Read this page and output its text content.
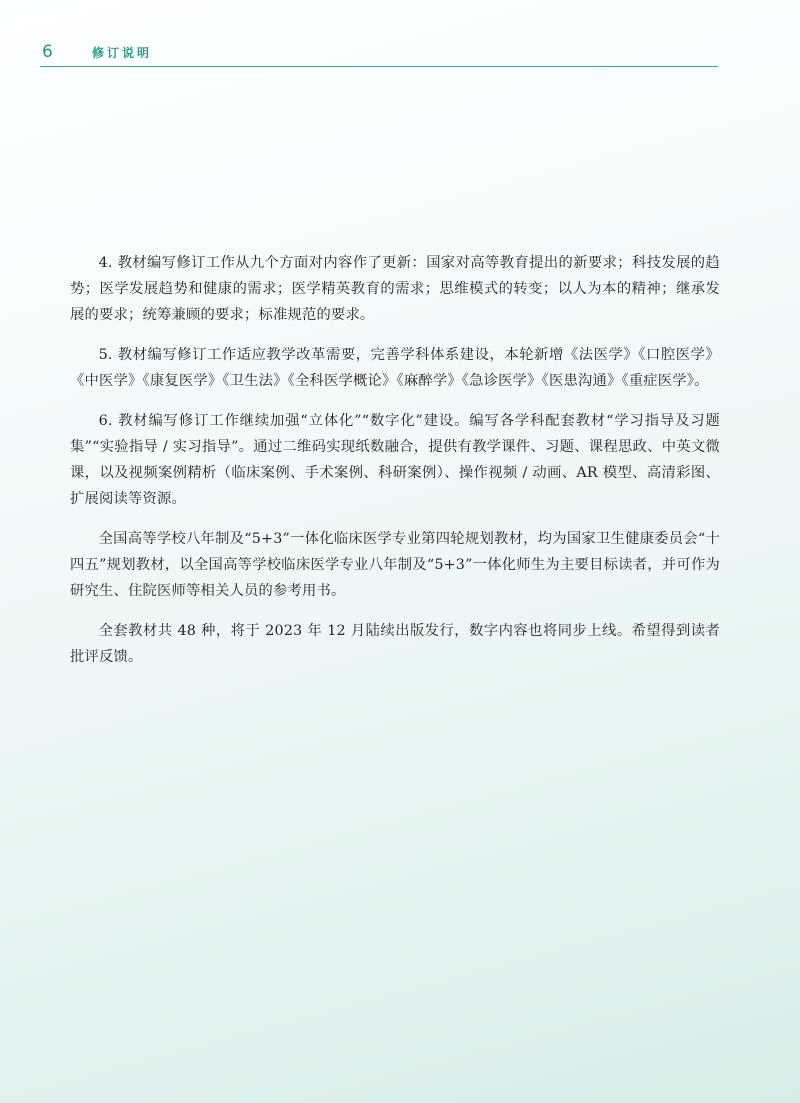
6	修订说明

4. 教材编写修订工作从九个方面对内容作了更新：国家对高等教育提出的新要求；科技发展的趋势；医学发展趋势和健康的需求；医学精英教育的需求；思维模式的转变；以人为本的精神；继承发展的要求；统筹兼顾的要求；标准规范的要求。

5. 教材编写修订工作适应教学改革需要，完善学科体系建设，本轮新增《法医学》《口腔医学》《中医学》《康复医学》《卫生法》《全科医学概论》《麻醉学》《急诊医学》《医患沟通》《重症医学》。

6. 教材编写修订工作继续加强“立体化”“数字化”建设。编写各学科配套教材“学习指导及习题集”“实验指导 / 实习指导”。通过二维码实现纸数融合，提供有教学课件、习题、课程思政、中英文微课，以及视频案例精析（临床案例、手术案例、科研案例）、操作视频 / 动画、AR 模型、高清彩图、扩展阅读等资源。

全国高等学校八年制及“5+3”一体化临床医学专业第四轮规划教材，均为国家卫生健康委员会“十四五”规划教材，以全国高等学校临床医学专业八年制及“5+3”一体化师生为主要目标读者，并可作为研究生、住院医师等相关人员的参考用书。

全套教材共 48 种，将于 2023 年 12 月陆续出版发行，数字内容也将同步上线。希望得到读者批评反馈。
